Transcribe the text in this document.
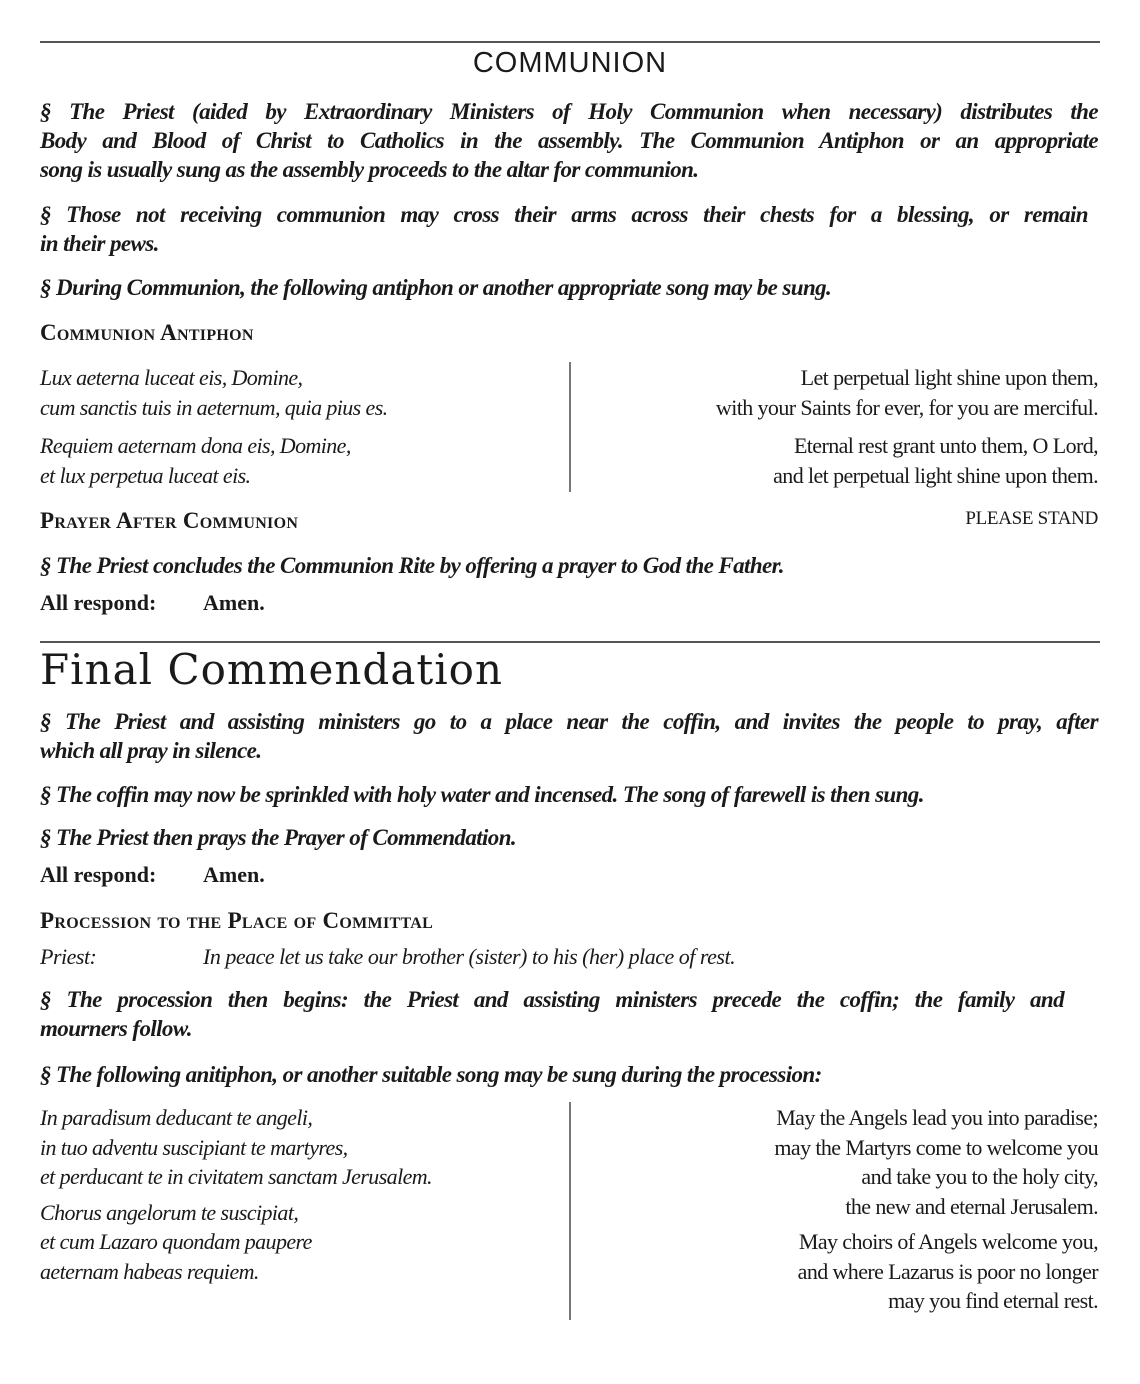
COMMUNION
§ The Priest (aided by Extraordinary Ministers of Holy Communion when necessary) distributes the
Body and Blood of Christ to Catholics in the assembly. The Communion Antiphon or an appropriate
song is usually sung as the assembly proceeds to the altar for communion.
§ Those not receiving communion may cross their arms across their chests for a blessing, or remain
in their pews.
§ During Communion, the following antiphon or another appropriate song may be sung.
Communion Antiphon
Lux aeterna luceat eis, Domine,
cum sanctis tuis in aeternum, quia pius es.
Requiem aeternam dona eis, Domine,
et lux perpetua luceat eis.
Let perpetual light shine upon them,
with your Saints for ever, for you are merciful.
Eternal rest grant unto them, O Lord,
and let perpetual light shine upon them.
Prayer After Communion	PLEASE STAND
§ The Priest concludes the Communion Rite by offering a prayer to God the Father.
All respond: Amen.
Final Commendation
§ The Priest and assisting ministers go to a place near the coffin, and invites the people to pray, after
which all pray in silence.
§ The coffin may now be sprinkled with holy water and incensed. The song of farewell is then sung.
§ The Priest then prays the Prayer of Commendation.
All respond: Amen.
Procession to the Place of Committal
Priest:	In peace let us take our brother (sister) to his (her) place of rest.
§ The procession then begins: the Priest and assisting ministers precede the coffin; the family and
mourners follow.
§ The following anitiphon, or another suitable song may be sung during the procession:
In paradisum deducant te angeli,
in tuo adventu suscipiant te martyres,
et perducant te in civitatem sanctam Jerusalem.
Chorus angelorum te suscipiat,
et cum Lazaro quondam paupere
aeternam habeas requiem.
May the Angels lead you into paradise;
may the Martyrs come to welcome you
and take you to the holy city,
the new and eternal Jerusalem.
May choirs of Angels welcome you,
and where Lazarus is poor no longer
may you find eternal rest.
